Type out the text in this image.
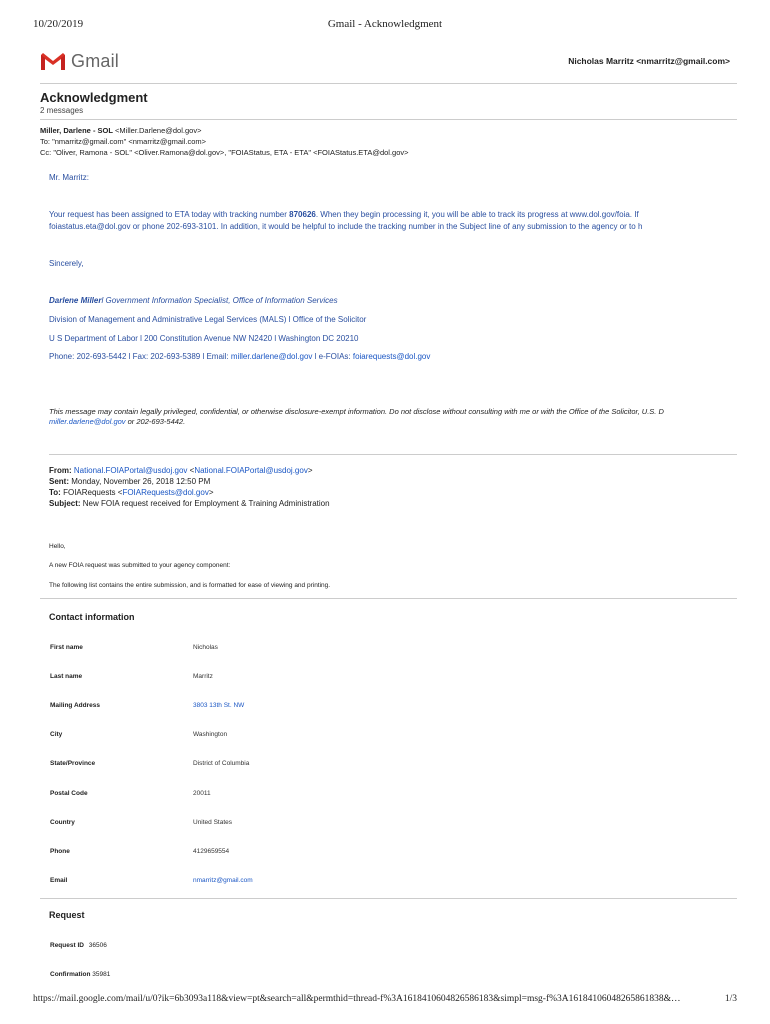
10/20/2019	Gmail - Acknowledgment
Gmail	Nicholas Marritz <nmarritz@gmail.com>
Acknowledgment
2 messages
Miller, Darlene - SOL <Miller.Darlene@dol.gov>
To: "nmarritz@gmail.com" <nmarritz@gmail.com>
Cc: "Oliver, Ramona - SOL" <Oliver.Ramona@dol.gov>, "FOIAStatus, ETA - ETA" <FOIAStatus.ETA@dol.gov>
Mr. Marritz:
Your request has been assigned to ETA today with tracking number 870626. When they begin processing it, you will be able to track its progress at www.dol.gov/foia. If
foiastatus.eta@dol.gov or phone 202-693-3101. In addition, it would be helpful to include the tracking number in the Subject line of any submission to the agency or to h
Sincerely,
Darlene Millerl Government Information Specialist, Office of Information Services
Division of Management and Administrative Legal Services (MALS) l Office of the Solicitor
U S Department of Labor l 200 Constitution Avenue NW N2420 l Washington DC 20210
Phone: 202-693-5442 l Fax: 202-693-5389 l Email: miller.darlene@dol.gov l e-FOIAs: foiarequests@dol.gov
This message may contain legally privileged, confidential, or otherwise disclosure-exempt information. Do not disclose without consulting with me or with the Office of the Solicitor, U.S. D
miller.darlene@dol.gov or 202-693-5442.
From: National.FOIAPortal@usdoj.gov <National.FOIAPortal@usdoj.gov>
Sent: Monday, November 26, 2018 12:50 PM
To: FOIARequests <FOIARequests@dol.gov>
Subject: New FOIA request received for Employment & Training Administration
Hello,
A new FOIA request was submitted to your agency component:
The following list contains the entire submission, and is formatted for ease of viewing and printing.
Contact information
First name	Nicholas
Last name	Marritz
Mailing Address	3803 13th St. NW
City	Washington
State/Province	District of Columbia
Postal Code	20011
Country	United States
Phone	4129659554
Email	nmarritz@gmail.com
Request
Request ID 36506
Confirmation 35981
https://mail.google.com/mail/u/0?ik=6b3093a118&view=pt&search=all&permthid=thread-f%3A1618410604826586183&simpl=msg-f%3A16184106048265861838&…	1/3
